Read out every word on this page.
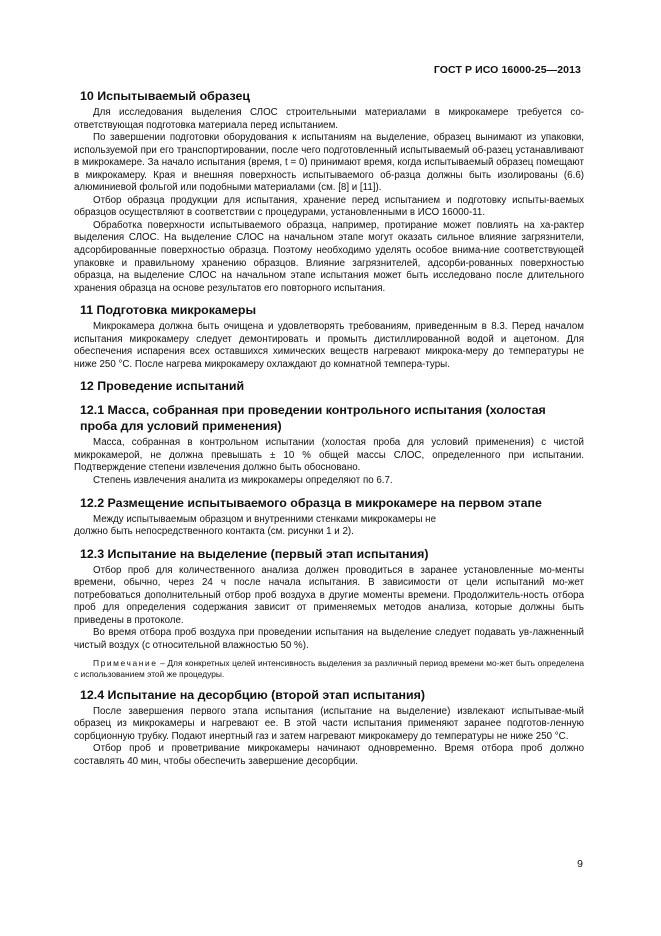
ГОСТ Р ИСО 16000-25—2013
10 Испытываемый образец

Для исследования выделения СЛОС строительными материалами в микрокамере требуется со-ответствующая подготовка материала перед испытанием.

По завершении подготовки оборудования к испытаниям на выделение, образец вынимают из упаковки, используемой при его транспортировании, после чего подготовленный испытываемый об-разец устанавливают в микрокамере. За начало испытания (время, t = 0) принимают время, когда испытываемый образец помещают в микрокамеру. Края и внешняя поверхность испытываемого об-разца должны быть изолированы (6.6) алюминиевой фольгой или подобными материалами (см. [8] и [11]).

Отбор образца продукции для испытания, хранение перед испытанием и подготовку испыты-ваемых образцов осуществляют в соответствии с процедурами, установленными в ИСО 16000-11.

Обработка поверхности испытываемого образца, например, протирание может повлиять на ха-рактер выделения СЛОС. На выделение СЛОС на начальном этапе могут оказать сильное влияние загрязнители, адсорбированные поверхностью образца. Поэтому необходимо уделять особое внима-ние соответствующей упаковке и правильному хранению образцов. Влияние загрязнителей, адсорби-рованных поверхностью образца, на выделение СЛОС на начальном этапе испытания может быть исследовано после длительного хранения образца на основе результатов его повторного испытания.

11 Подготовка микрокамеры

Микрокамера должна быть очищена и удовлетворять требованиям, приведенным в 8.3. Перед началом испытания микрокамеру следует демонтировать и промыть дистиллированной водой и ацетоном. Для обеспечения испарения всех оставшихся химических веществ нагревают микрока-меру до температуры не ниже 250 °С. После нагрева микрокамеру охлаждают до комнатной темпера-туры.

12 Проведение испытаний
12.1 Масса, собранная при проведении контрольного испытания (холостая проба для условий применения)

Масса, собранная в контрольном испытании (холостая проба для условий применения) с чистой микрокамерой, не должна превышать ± 10 % общей массы СЛОС, определенного при испытании. Подтверждение степени извлечения должно быть обосновано.

Степень извлечения аналита из микрокамеры определяют по 6.7.

12.2 Размещение испытываемого образца в микрокамере на первом этапе

Между испытываемым образцом и внутренними стенками микрокамеры не

должно быть непосредственного контакта (см. рисунки 1 и 2).

12.3 Испытание на выделение (первый этап испытания)

Отбор проб для количественного анализа должен проводиться в заранее установленные мо-менты времени, обычно, через 24 ч после начала испытания. В зависимости от цели испытаний мо-жет потребоваться дополнительный отбор проб воздуха в другие моменты времени. Продолжитель-ность отбора проб для определения содержания зависит от применяемых методов анализа, которые должны быть приведены в протоколе.

Во время отбора проб воздуха при проведении испытания на выделение следует подавать ув-лажненный чистый воздух (с относительной влажностью 50 %).

Примечание – Для конкретных целей интенсивность выделения за различный период времени мо-жет быть определена с использованием этой же процедуры.

12.4 Испытание на десорбцию (второй этап испытания)

После завершения первого этапа испытания (испытание на выделение) извлекают испытывае-мый образец из микрокамеры и нагревают ее. В этой части испытания применяют заранее подготов-ленную сорбционную трубку. Подают инертный газ и затем нагревают микрокамеру до температуры не ниже 250 °С.

Отбор проб и проветривание микрокамеры начинают одновременно. Время отбора проб должно составлять 40 мин, чтобы обеспечить завершение десорбции.

9
